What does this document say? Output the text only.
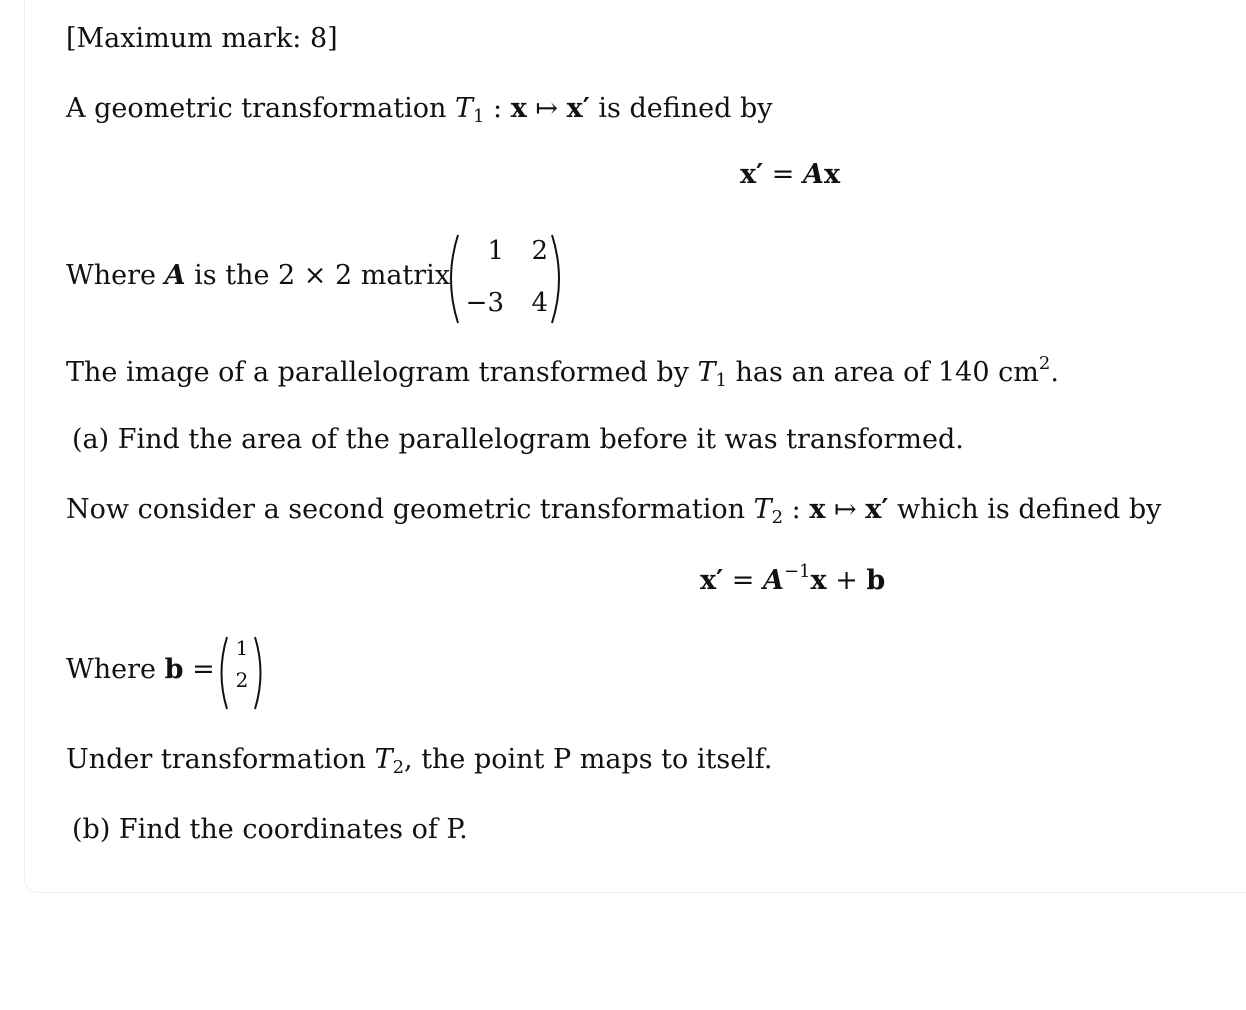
[Maximum mark: 8]
A geometric transformation $T_1$ : x ↦ x′ is defined by
x′ = Ax
Where A is the 2 × 2 matrix
1	2
−3	4
The image of a parallelogram transformed by $T_1$ has an area of 140 $cm^2$.
(a) Find the area of the parallelogram before it was transformed.
Now consider a second geometric transformation $T_2$ : x ↦ x′ which is defined by
$x' = A^{-1}x + b$
Where b =
1
2
Under transformation $T_2$, the point P maps to itself.
(b) Find the coordinates of P.
